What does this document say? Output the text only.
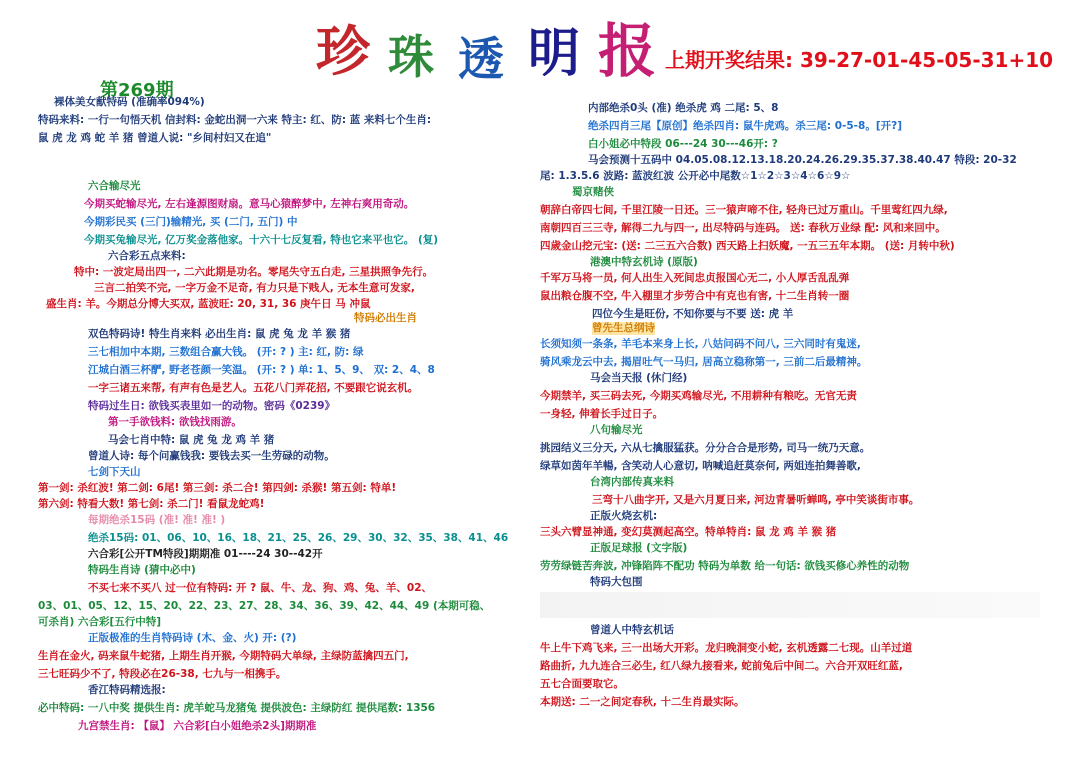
珍 珠 透 明 报 上期开奖结果: 39-27-01-45-05-31+10
第269期
裸体美女献特码 (准确率094%)
特码来料: 一行一句悟天机 信封料: 金蛇出洞一六来 特主: 红、防: 蓝 来料七个生肖:
鼠 虎 龙 鸡 蛇 羊 猪 曾道人说: "乡间村妇又在追"
六合输尽光
今期买蛇输尽光, 左右逢源图财扇。意马心猿醉梦中, 左神右爽用奇动。
今期彩民买 (三门)输精光, 买 (二门, 五门) 中
今期买兔输尽光, 亿万奖金落他家。十六十七反复看, 特也它来平也它。 (复)
六合彩五点来料:
特中: 一波定局出四一, 二六此期是功名。零尾失守五白走, 三星拱照争先行。
三言二拍笑不完, 一字万金不足奇, 有力只是下贱人, 无本生意可发家,
盛生肖: 羊。今期总分博大买双, 蓝波旺: 20, 31, 36 庚午日 马 冲鼠
特码必出生肖
双色特码诗! 特生肖来料 必出生肖: 鼠 虎 兔 龙 羊 猴 猪
三七相加中本期, 三数组合赢大钱。 (开: ? ) 主: 红, 防: 绿
江城白酒三杯酽, 野老苍颜一笑温。 (开: ? ) 单: 1、5、9、 双: 2、4、8
一字三诸五来帮, 有声有色是艺人。五花八门弄花招, 不要跟它说玄机。
特码过生日: 欲钱买表里如一的动物。密码《0239》
第一手欲钱料: 欲钱找雨游。
马会七肖中特: 鼠 虎 兔 龙 鸡 羊 猪
曾道人诗: 每个问赢钱我: 要钱去买一生劳碌的动物。
七剑下天山
第一剑: 杀红波! 第二剑: 6尾! 第三剑: 杀二合! 第四剑: 杀猴! 第五剑: 特单!
第六剑: 特看大数! 第七剑: 杀二门! 看鼠龙蛇鸡!
每期绝杀15码 (准! 准! 准! )
绝杀15码: 01、06、10、16、18、21、25、26、29、30、32、35、38、41、46
六合彩[公开TM特段]期期准 01----24 30--42开
特码生肖诗 (猜中必中)
不买七来不买八 过一位有特码: 开 ? 鼠、牛、龙、狗、鸡、兔、羊、02、
03、01、05、12、15、20、22、23、27、28、34、36、39、42、44、49 (本期可稳、
可杀肖) 六合彩[五行中特]
正版极准的生肖特码诗 (木、金、火) 开: (?)
生肖在金火, 码来鼠牛蛇猪, 上期生肖开猴, 今期特码大单绿, 主绿防蓝擒四五门,
三七旺码少不了, 特段必在26-38, 七九与一相携手。
香江特码精选报:
必中特码: 一八中奖 提供生肖: 虎羊蛇马龙猪兔 提供波色: 主绿防红 提供尾数: 1356
九宫禁生肖: 【鼠】 六合彩[白小姐绝杀2头]期期准
内部绝杀0头 (准) 绝杀虎 鸡 二尾: 5、8
绝杀四肖三尾【原创】绝杀四肖: 鼠牛虎鸡。杀三尾: 0-5-8。[开?]
白小姐必中特段 06---24 30---46开: ?
马会预测十五码中 04.05.08.12.13.18.20.24.26.29.35.37.38.40.47 特段: 20-32
尾: 1.3.5.6 波路: 蓝波红波 公开必中尾数☆1☆2☆3☆4☆6☆9☆
蜀京赌侠
朝辞白帝四七间, 千里江陵一日还。三一猿声啼不住, 轻舟已过万重山。千里莺红四九绿,
南朝四百三三寺, 解得二九与四一, 出尽特码与连码。 送: 春秋万业绿 配: 风和来回中。
四歲金山挖元宝: (送: 二三五六合数) 西天路上扫妖魔, 一五三五年本期。 (送: 月转中秋)
港澳中特玄机诗 (原版)
千军万马将一员, 何人出生入死间忠贞报国心无二, 小人厚舌乱乱弹
鼠出粮仓腹不空, 牛入棚里才步劳合中有克也有害, 十二生肖转一圈
四位今生是旺份, 不知你要与不要 送: 虎 羊
曾先生总纲诗
长须知须一条条, 羊毛本来身上长, 八姑问码不问八, 三六同时有鬼迷,
骑风乘龙云中去, 揭眉吐气一马归, 居高立稳称第一, 三前二后最精神。
马会当天报 (休门经)
今期禁羊, 买三码去死, 今期买鸡输尽光, 不用耕种有粮吃。无官无责
一身轻, 伸着长手过日子。
八句输尽光
挑园结义三分天, 六从七擒服猛获。分分合合是形势, 司马一统乃天意。
绿草如茵年羊暢, 含笑动人心意切, 呐喊追赶莫奈何, 两姐连拍舞善歌,
台湾内部传真来料
三弯十八曲字开, 又是六月夏日来, 河边青暑听蝉鸣, 亭中笑谈街市事。
正版火烧玄机:
三头六臂显神通, 变幻莫测起高空。特单特肖: 鼠 龙 鸡 羊 猴 猪
正版足球报 (文字版)
劳劳绿链苦奔波, 冲锋陷阵不配功 特码为单数 给一句话: 欲钱买修心养性的动物
特码大包围
曾道人中特玄机话
牛上牛下鸡飞来, 三一出场大开彩。龙归晚洞变小蛇, 玄机透露二七现。山羊过道
路曲折, 九九连合三必生, 红八绿九接看来, 蛇前兔后中间二。六合开双旺红蓝,
五七合面要取它。
本期送: 二一之间定春秋, 十二生肖最实际。
